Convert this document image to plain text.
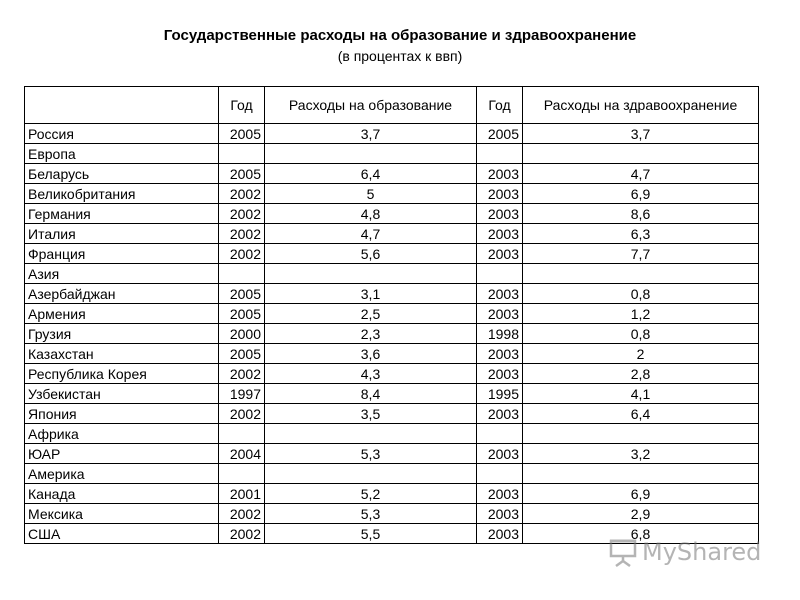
Государственные расходы на образование и здравоохранение
(в процентах к ввп)
	Год	Расходы на образование	Год	Расходы на здравоохранение
Россия	2005	3,7	2005	3,7
Европа				
Беларусь	2005	6,4	2003	4,7
Великобритания	2002	5	2003	6,9
Германия	2002	4,8	2003	8,6
Италия	2002	4,7	2003	6,3
Франция	2002	5,6	2003	7,7
Азия				
Азербайджан	2005	3,1	2003	0,8
Армения	2005	2,5	2003	1,2
Грузия	2000	2,3	1998	0,8
Казахстан	2005	3,6	2003	2
Республика Корея	2002	4,3	2003	2,8
Узбекистан	1997	8,4	1995	4,1
Япония	2002	3,5	2003	6,4
Африка				
ЮАР	2004	5,3	2003	3,2
Америка				
Канада	2001	5,2	2003	6,9
Мексика	2002	5,3	2003	2,9
США	2002	5,5	2003	6,8
MyShared
